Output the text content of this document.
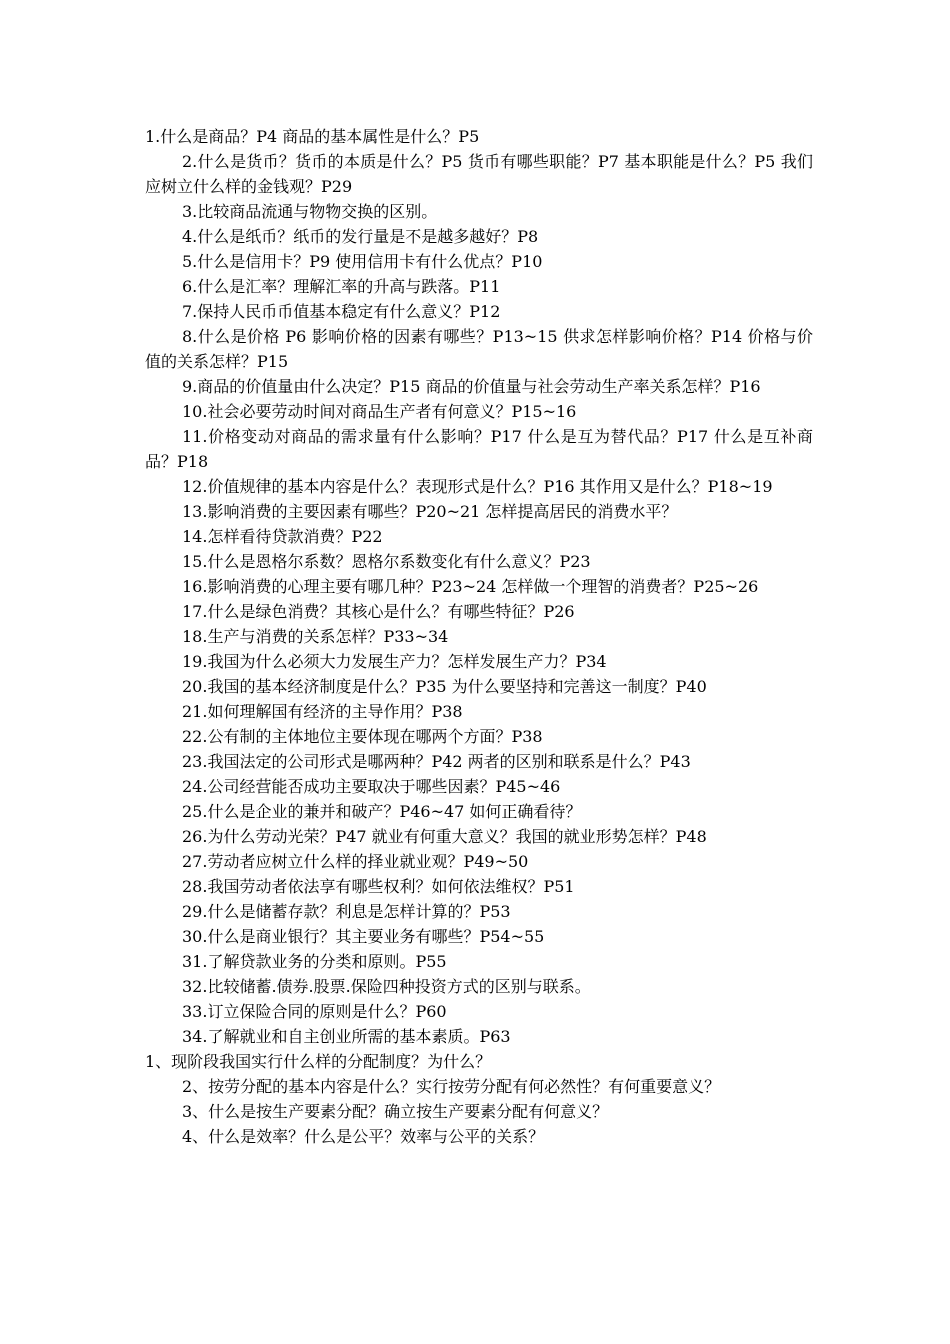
1.什么是商品？P4 商品的基本属性是什么？P5

2.什么是货币？货币的本质是什么？P5 货币有哪些职能？P7 基本职能是什么？P5 我们应树立什么样的金钱观？P29

3.比较商品流通与物物交换的区别。

4.什么是纸币？纸币的发行量是不是越多越好？P8

5.什么是信用卡？P9 使用信用卡有什么优点？P10

6.什么是汇率？理解汇率的升高与跌落。P11

7.保持人民币币值基本稳定有什么意义？P12

8.什么是价格 P6 影响价格的因素有哪些？P13~15 供求怎样影响价格？P14 价格与价值的关系怎样？P15

9.商品的价值量由什么决定？P15 商品的价值量与社会劳动生产率关系怎样？P16

10.社会必要劳动时间对商品生产者有何意义？P15~16

11.价格变动对商品的需求量有什么影响？P17 什么是互为替代品？P17 什么是互补商品？P18

12.价值规律的基本内容是什么？表现形式是什么？P16 其作用又是什么？P18~19

13.影响消费的主要因素有哪些？P20~21 怎样提高居民的消费水平？

14.怎样看待贷款消费？P22

15.什么是恩格尔系数？恩格尔系数变化有什么意义？P23

16.影响消费的心理主要有哪几种？P23~24 怎样做一个理智的消费者？P25~26

17.什么是绿色消费？其核心是什么？有哪些特征？P26

18.生产与消费的关系怎样？P33~34

19.我国为什么必须大力发展生产力？怎样发展生产力？P34

20.我国的基本经济制度是什么？P35 为什么要坚持和完善这一制度？P40

21.如何理解国有经济的主导作用？P38

22.公有制的主体地位主要体现在哪两个方面？P38

23.我国法定的公司形式是哪两种？P42 两者的区别和联系是什么？P43

24.公司经营能否成功主要取决于哪些因素？P45~46

25.什么是企业的兼并和破产？P46~47 如何正确看待？

26.为什么劳动光荣？P47 就业有何重大意义？我国的就业形势怎样？P48

27.劳动者应树立什么样的择业就业观？P49~50

28.我国劳动者依法享有哪些权利？如何依法维权？P51

29.什么是储蓄存款？利息是怎样计算的？P53

30.什么是商业银行？其主要业务有哪些？P54~55

31.了解贷款业务的分类和原则。P55

32.比较储蓄.债券.股票.保险四种投资方式的区别与联系。

33.订立保险合同的原则是什么？P60

34.了解就业和自主创业所需的基本素质。P63

1、现阶段我国实行什么样的分配制度？为什么？

2、按劳分配的基本内容是什么？实行按劳分配有何必然性？有何重要意义？

3、什么是按生产要素分配？确立按生产要素分配有何意义？

4、什么是效率？什么是公平？效率与公平的关系？
